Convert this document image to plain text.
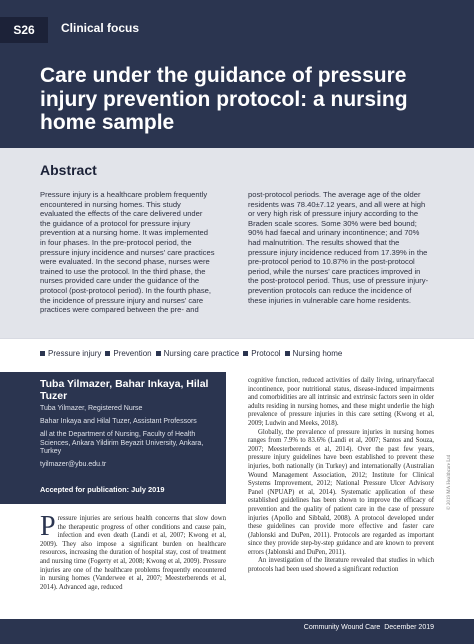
S26	Clinical focus
Care under the guidance of pressure injury prevention protocol: a nursing home sample
Abstract

Pressure injury is a healthcare problem frequently encountered in nursing homes. This study evaluated the effects of the care delivered under the guidance of a protocol for pressure injury prevention at a nursing home. It was implemented in four phases. In the pre-protocol period, the pressure injury incidence and nurses' care practices were evaluated. In the second phase, nurses were trained to use the protocol. In the third phase, the nurses provided care under the guidance of the protocol (post-protocol period). In the fourth phase, the incidence of pressure injury and nurses' care practices were compared between the pre- and

post-protocol periods. The average age of the older residents was 78.40±7.12 years, and all were at high or very high risk of pressure injury according to the Braden scale scores. Some 30% were bed bound; 90% had faecal and urinary incontinence; and 70% had malnutrition. The results showed that the pressure injury incidence reduced from 17.39% in the pre-protocol period to 10.87% in the post-protocol period, while the nurses' care practices improved in the post-protocol period. Thus, use of pressure injury-prevention protocols can reduce the incidence of these injuries in vulnerable care home residents.

Pressure injury Prevention Nursing care practice Protocol Nursing home

Tuba Yilmazer, Bahar Inkaya, Hilal Tuzer

Tuba Yilmazer, Registered Nurse
Bahar Inkaya and Hilal Tuzer, Assistant Professors
all at the Department of Nursing, Faculty of Health Sciences, Ankara Yildirim Beyazit University, Ankara, Turkey
tyilmazer@ybu.edu.tr
Accepted for publication: July 2019
Pressure injuries are serious health concerns that slow down the therapeutic progress of other conditions and cause pain, infection and even death (Landi et al, 2007; Kwong et al, 2009). They also impose a significant burden on healthcare resources, increasing the duration of hospital stay, cost of treatment and nursing time (Fogerty et al, 2008; Kwong et al, 2009). Pressure injuries are one of the healthcare problems frequently encountered in nursing homes (Vanderwee et al, 2007; Meesterberends et al, 2014). Advanced age, reduced
cognitive function, reduced activities of daily living, urinary/faecal incontinence, poor nutritional status, disease-induced impairments and comorbidities are all intrinsic and extrinsic factors seen in older adults residing in nursing homes, and these might underlie the high prevalence of pressure injuries in this care setting (Kwong et al, 2009; Ludwin and Meeks, 2018).
Globally, the prevalence of pressure injuries in nursing homes ranges from 7.9% to 83.6% (Landi et al, 2007; Santos and Souza, 2007; Meesterberends et al, 2014). Over the past few years, pressure injury guidelines have been established to prevent these injuries, both nationally (in Turkey) and internationally (Australian Wound Management Association, 2012; Institute for Clinical Systems Improvement, 2012; National Pressure Ulcer Advisory Panel (NPUAP) et al, 2014). Systematic application of these established guidelines has been shown to improve the efficacy of prevention and the quality of patient care in the case of pressure injuries (Apollo and Sibbald, 2008). A protocol developed under these guidelines can provide more effective and faster care (Jablonski and DuPen, 2011). Protocols are regarded as important since they provide step-by-step guidance and are known to prevent errors (Jablonski and DuPen, 2011).
An investigation of the literature revealed that studies in which protocols had been used showed a significant reduction
© 2019 MA Healthcare Ltd
Community Wound Care December 2019
